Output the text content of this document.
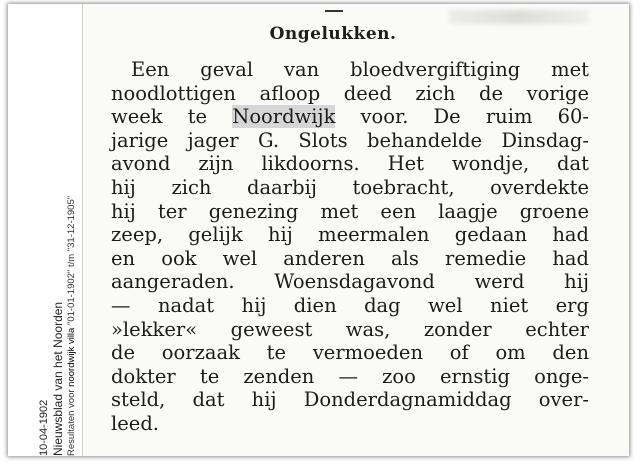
10-04-1902 Nieuwsblad van het Noorden Resultaten voor noordwijk villa "01-01-1902" t/m "31-12-1905"
Ongelukken.
Een geval van bloedvergiftiging met
noodlottigen afloop deed zich de vorige
week te Noordwijk voor. De ruim 60-
jarige jager G. Slots behandelde Dinsdag-
avond zijn likdoorns. Het wondje, dat
hij zich daarbij toebracht, overdekte
hij ter genezing met een laagje groene
zeep, gelijk hij meermalen gedaan had
en ook wel anderen als remedie had
aangeraden. Woensdagavond werd hij
— nadat hij dien dag wel niet erg
»lekker« geweest was, zonder echter
de oorzaak te vermoeden of om den
dokter te zenden — zoo ernstig onge-
steld, dat hij Donderdagnamiddag over-
leed.
